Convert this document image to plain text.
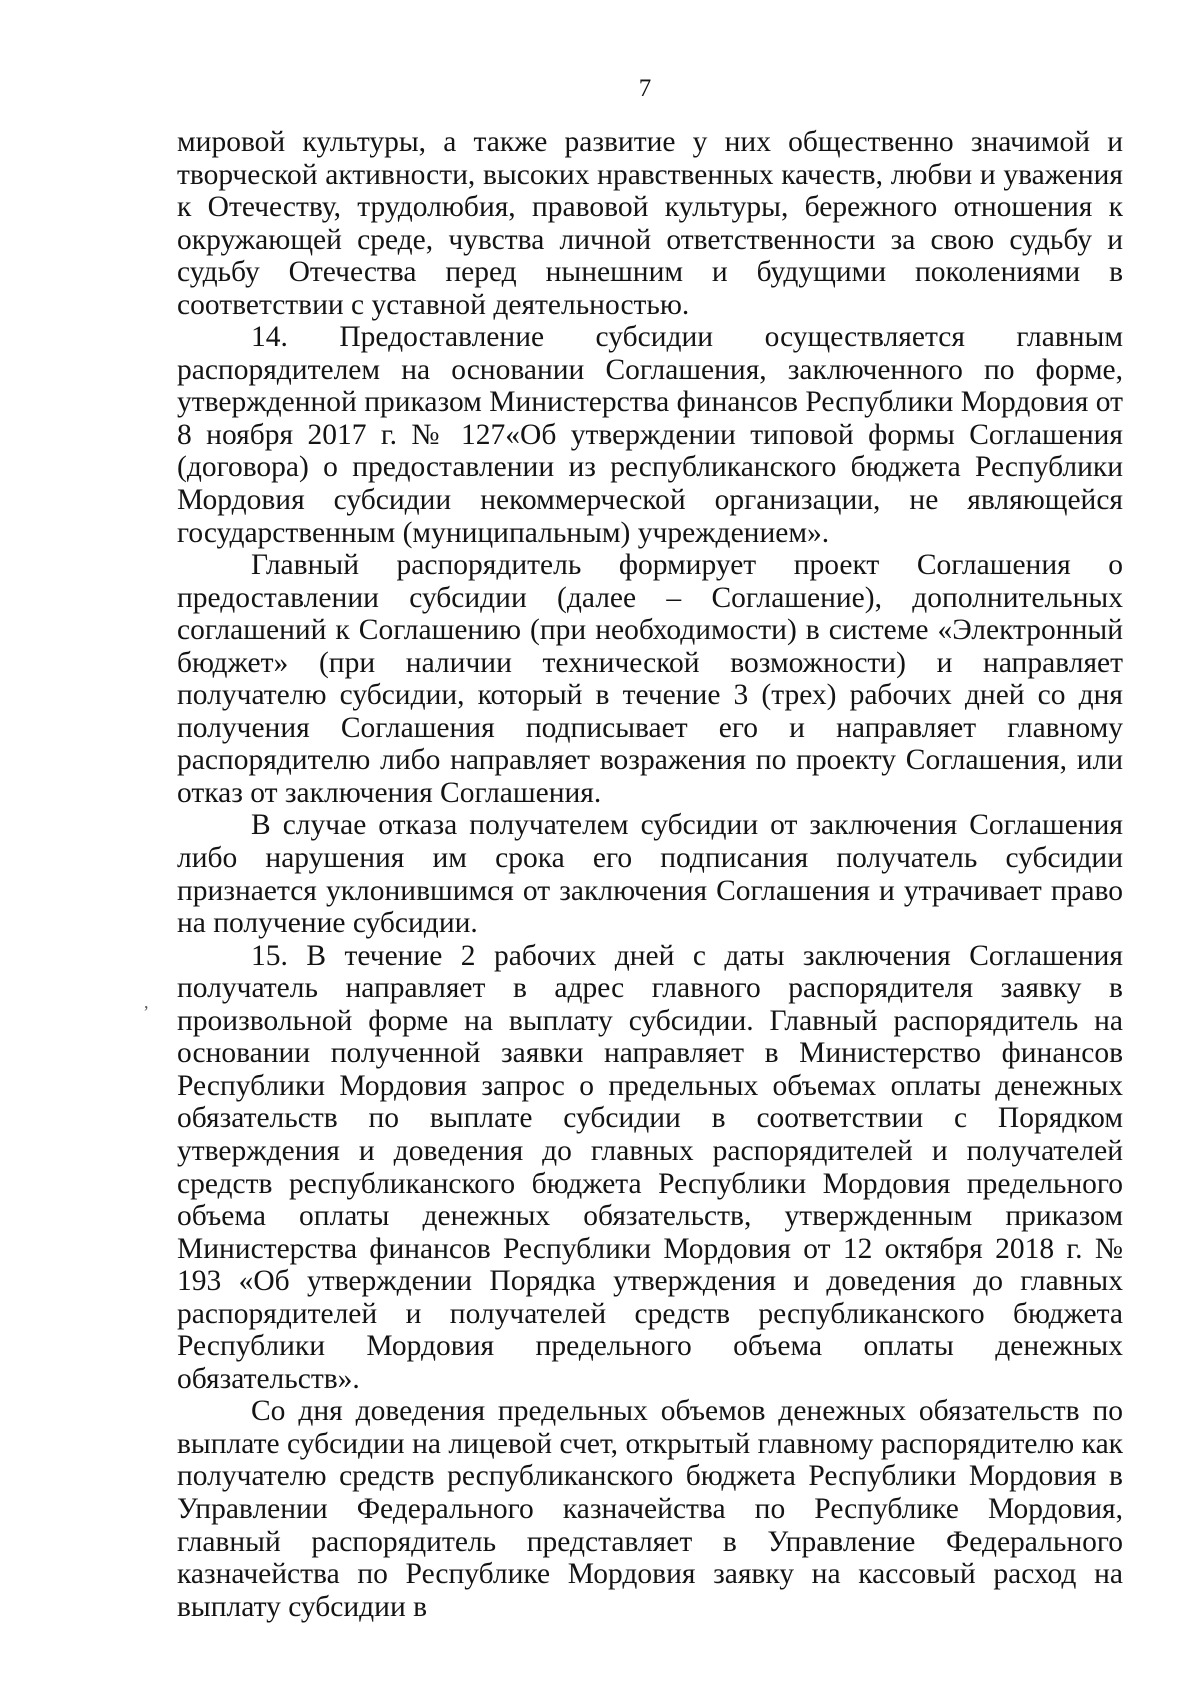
7
,

мировой культуры, а также развитие у них общественно значимой и творческой активности, высоких нравственных качеств, любви и уважения к Отечеству, трудолюбия, правовой культуры, бережного отношения к окружающей среде, чувства личной ответственности за свою судьбу и судьбу Отечества перед нынешним и будущими поколениями в соответствии с уставной деятельностью.

14. Предоставление субсидии осуществляется главным распорядителем на основании Соглашения, заключенного по форме, утвержденной приказом Министерства финансов Республики Мордовия от 8 ноября 2017 г. № 127«Об утверждении типовой формы Соглашения (договора) о предоставлении из республиканского бюджета Республики Мордовия субсидии некоммерческой организации, не являющейся государственным (муниципальным) учреждением».

Главный распорядитель формирует проект Соглашения о предоставлении субсидии (далее – Соглашение), дополнительных соглашений к Соглашению (при необходимости) в системе «Электронный бюджет» (при наличии технической возможности) и направляет получателю субсидии, который в течение 3 (трех) рабочих дней со дня получения Соглашения подписывает его и направляет главному распорядителю либо направляет возражения по проекту Соглашения, или отказ от заключения Соглашения.

В случае отказа получателем субсидии от заключения Соглашения либо нарушения им срока его подписания получатель субсидии признается уклонившимся от заключения Соглашения и утрачивает право на получение субсидии.

15. В течение 2 рабочих дней с даты заключения Соглашения получатель направляет в адрес главного распорядителя заявку в произвольной форме на выплату субсидии. Главный распорядитель на основании полученной заявки направляет в Министерство финансов Республики Мордовия запрос о предельных объемах оплаты денежных обязательств по выплате субсидии в соответствии с Порядком утверждения и доведения до главных распорядителей и получателей средств республиканского бюджета Республики Мордовия предельного объема оплаты денежных обязательств, утвержденным приказом Министерства финансов Республики Мордовия от 12 октября 2018 г. № 193 «Об утверждении Порядка утверждения и доведения до главных распорядителей и получателей средств республиканского бюджета Республики Мордовия предельного объема оплаты денежных обязательств».

Со дня доведения предельных объемов денежных обязательств по выплате субсидии на лицевой счет, открытый главному распорядителю как получателю средств республиканского бюджета Республики Мордовия в Управлении Федерального казначейства по Республике Мордовия, главный распорядитель представляет в Управление Федерального казначейства по Республике Мордовия заявку на кассовый расход на выплату субсидии в
